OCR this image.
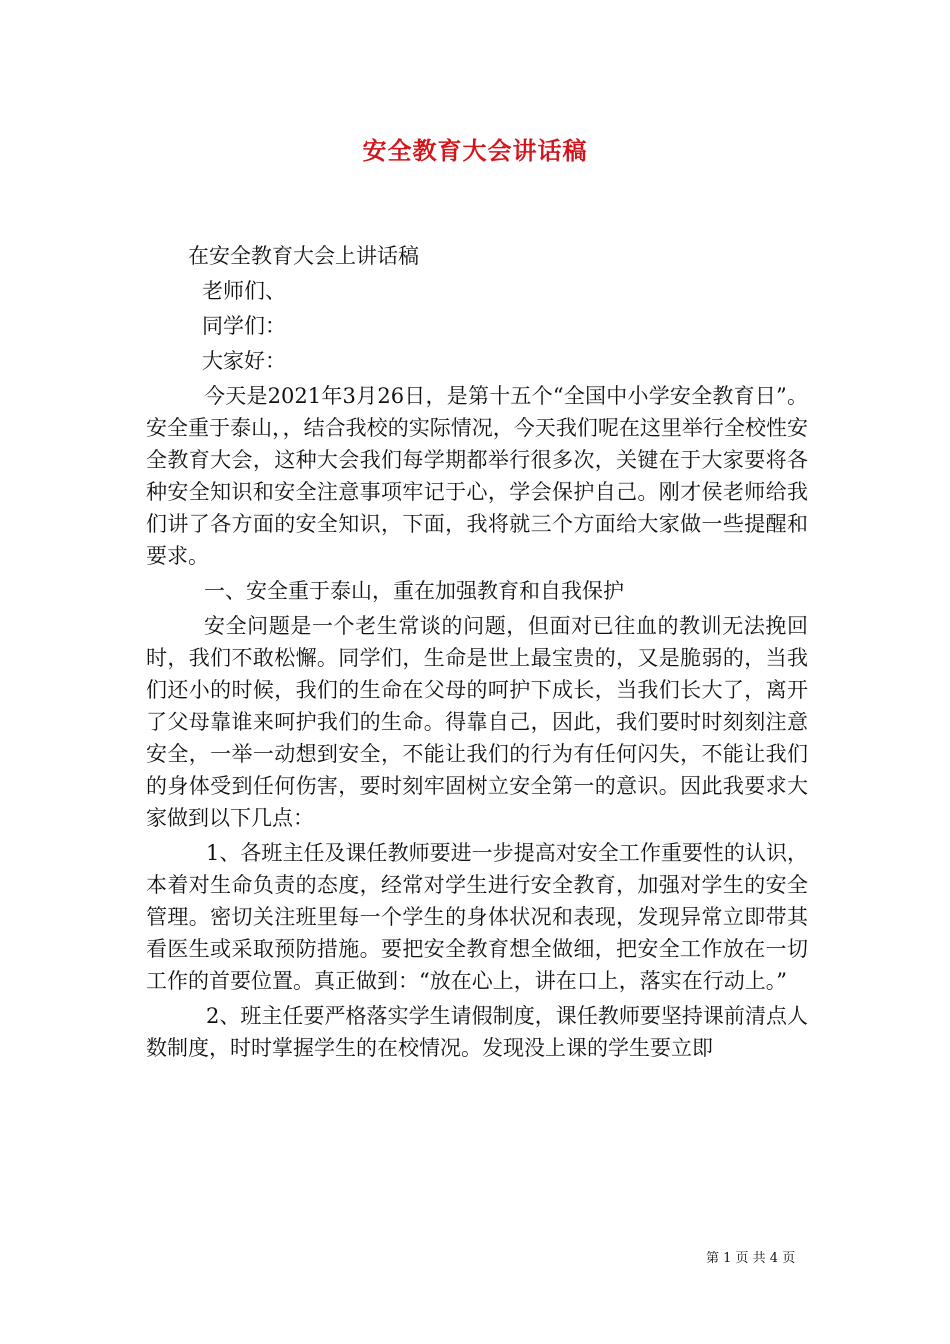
安全教育大会讲话稿

在安全教育大会上讲话稿

老师们、

同学们：

大家好：

今天是2021年3月26日，是第十五个“全国中小学安全教育日”。安全重于泰山，，结合我校的实际情况，今天我们呢在这里举行全校性安全教育大会，这种大会我们每学期都举行很多次，关键在于大家要将各种安全知识和安全注意事项牢记于心，学会保护自己。刚才侯老师给我们讲了各方面的安全知识，下面，我将就三个方面给大家做一些提醒和要求。

一、安全重于泰山，重在加强教育和自我保护

安全问题是一个老生常谈的问题，但面对已往血的教训无法挽回时，我们不敢松懈。同学们，生命是世上最宝贵的，又是脆弱的，当我们还小的时候，我们的生命在父母的呵护下成长，当我们长大了，离开了父母靠谁来呵护我们的生命。得靠自己，因此，我们要时时刻刻注意安全，一举一动想到安全，不能让我们的行为有任何闪失，不能让我们的身体受到任何伤害，要时刻牢固树立安全第一的意识。因此我要求大家做到以下几点：

1、各班主任及课任教师要进一步提高对安全工作重要性的认识，本着对生命负责的态度，经常对学生进行安全教育，加强对学生的安全管理。密切关注班里每一个学生的身体状况和表现，发现异常立即带其看医生或采取预防措施。要把安全教育想全做细，把安全工作放在一切工作的首要位置。真正做到：“放在心上，讲在口上，落实在行动上。”

2、班主任要严格落实学生请假制度，课任教师要坚持课前清点人数制度，时时掌握学生的在校情况。发现没上课的学生要立即

第 1 页 共 4 页
